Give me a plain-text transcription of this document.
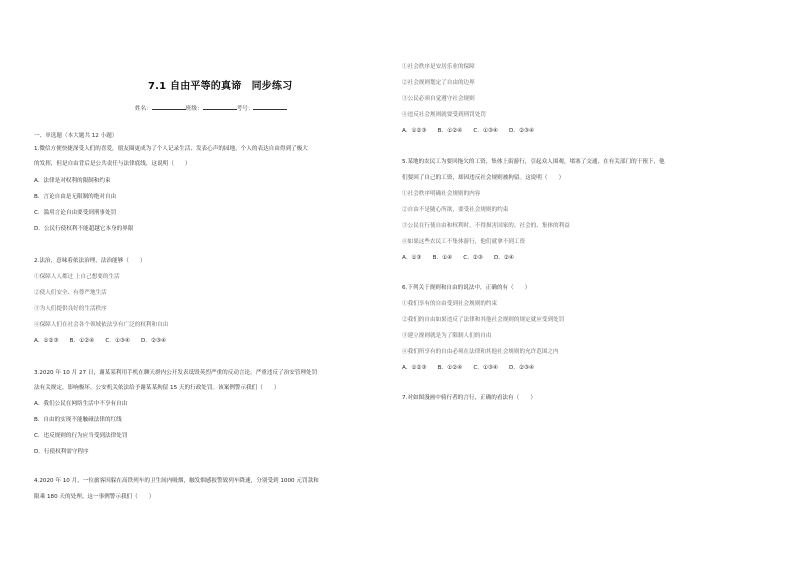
7.1 自由平等的真谛　同步练习
姓名：	班级：	考号：
一、单选题（本大题共 12 小题）
1.微信方便快捷深受人们的喜爱，朋友圈更成为了个人记录生活、发表心声的园地，个人的表达自由得到了极大
的发挥，但是自由背后是公共责任与法律底线，这说明（　　）
A．法律是对权利的限制和约束
B．言论自由是无限制的绝对自由
C．滥用言论自由要受到刑事处罚
D．公民行使权利不能超越它本身的界限
2.法治，意味着依法治理，法治能够（　　）
①保障人人都过 上自己想要的生活
②使人们安全、有尊严地生活
③为人们提供良好的生活秩序
④保障人们在社会各个领域依法享有广泛的权利和自由
A．①②③　　B．①②④　　C．①③④　　D．②③④
3.2020 年 10 月 27 日，谢某某利用手机在聊天群内公开发表诋毁英烈严重的反动言论，严重违反了治安管理处罚
法有关规定，影响极坏，公安机关依法给予谢某某拘留 15 天的行政处罚。该案例警示我们（　　）
A．我们公民在网络生活中不享有自由
B．自由的实现不能触碰法律的红线
C．违反规则的行为应当受到法律处罚
D．行使权利需守程序
4.2020 年 10 月，一位旅客因躲在高铁列车的卫生间内吸烟，触发烟感报警致列车降速，分别受到 1000 元罚款和
限乘 180 天的处理。这一事例警示我们（　　）
①社会秩序是安居乐业的保障
②社会规则划定了自由的边界
③公民必须自觉遵守社会规则
④违反社会规则就要受到刑罚处罚
A．①②③　　B．①②④　　C．①③④　　D．②③④
5.某地的农民工为要回拖欠的工资，集体上街游行，引起众人围观，堵塞了交通，在有关部门的干预下，他
们要回了自己的工资，却因违反社会规则被拘留。这说明（　　）
①社会秩序明确社会规则的内容
②自由不是随心所欲，要受社会规则的约束
③公民在行使自由和权利时，不得损害国家的、社会的、集体的利益
④如果这些农民工不集体游行，他们就拿不到工资
A．①③　　B．①④　　C．②③　　D．②④
6.下列关于规则和自由的说法中，正确的有（　　）
①我们享有的自由受到社会规则的约束
②我们的自由如果违反了法律和其他社会规则的规定就应受到处罚
③建立规则就是为了限制人们的自由
④我们所享有的自由必须在法律和其他社会规则的允许范围之内
A．①②③　　B．①②④　　C．①③④　　D．②③④
7.对如图漫画中骑行者的言行，正确的看法有（　　）
